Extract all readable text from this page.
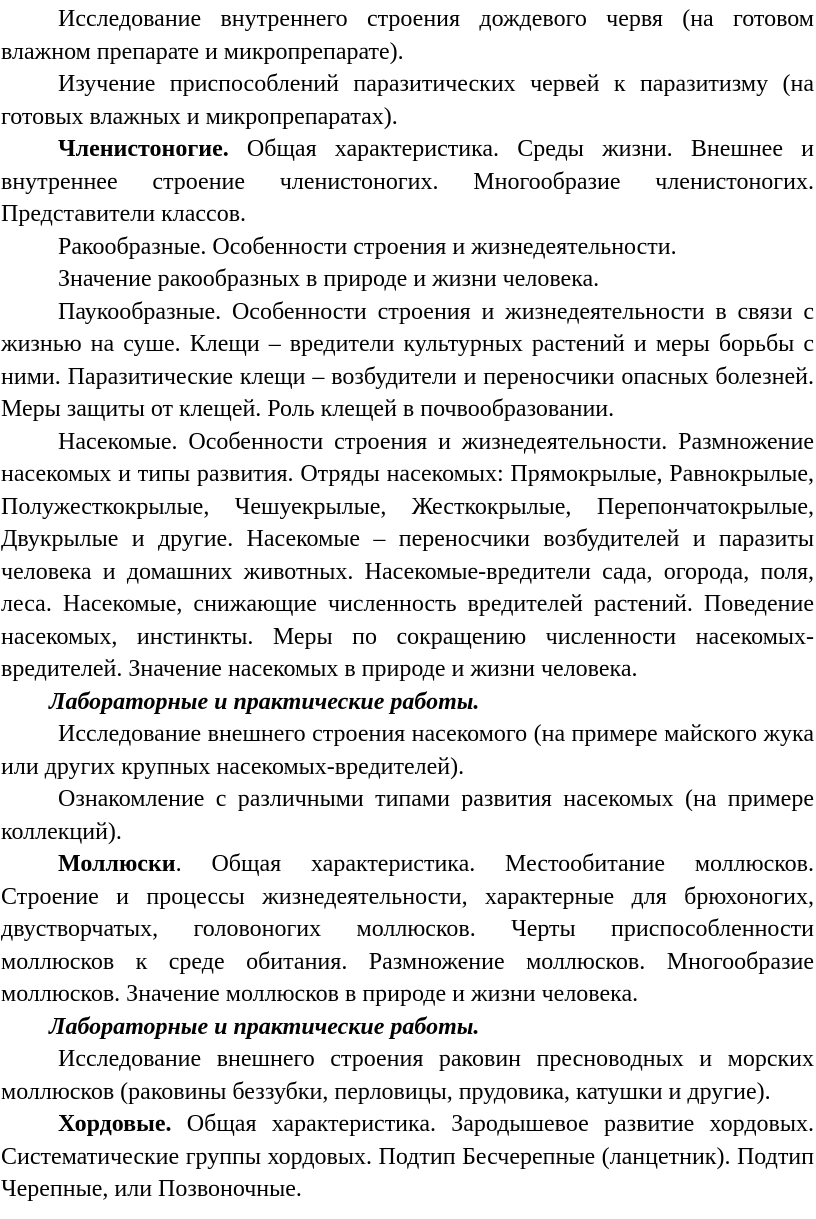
Исследование внутреннего строения дождевого червя (на готовом влажном препарате и микропрепарате).

Изучение приспособлений паразитических червей к паразитизму (на готовых влажных и микропрепаратах).

Членистоногие. Общая характеристика. Среды жизни. Внешнее и внутреннее строение членистоногих. Многообразие членистоногих. Представители классов.

Ракообразные. Особенности строения и жизнедеятельности.

Значение ракообразных в природе и жизни человека.

Паукообразные. Особенности строения и жизнедеятельности в связи с жизнью на суше. Клещи – вредители культурных растений и меры борьбы с ними. Паразитические клещи – возбудители и переносчики опасных болезней. Меры защиты от клещей. Роль клещей в почвообразовании.

Насекомые. Особенности строения и жизнедеятельности. Размножение насекомых и типы развития. Отряды насекомых: Прямокрылые, Равнокрылые, Полужесткокрылые, Чешуекрылые, Жесткокрылые, Перепончатокрылые, Двукрылые и другие. Насекомые – переносчики возбудителей и паразиты человека и домашних животных. Насекомые-вредители сада, огорода, поля, леса. Насекомые, снижающие численность вредителей растений. Поведение насекомых, инстинкты. Меры по сокращению численности насекомых-вредителей. Значение насекомых в природе и жизни человека.

Лабораторные и практические работы.

Исследование внешнего строения насекомого (на примере майского жука или других крупных насекомых-вредителей).

Ознакомление с различными типами развития насекомых (на примере коллекций).

Моллюски. Общая характеристика. Местообитание моллюсков. Строение и процессы жизнедеятельности, характерные для брюхоногих, двустворчатых, головоногих моллюсков. Черты приспособленности моллюсков к среде обитания. Размножение моллюсков. Многообразие моллюсков. Значение моллюсков в природе и жизни человека.

Лабораторные и практические работы.

Исследование внешнего строения раковин пресноводных и морских моллюсков (раковины беззубки, перловицы, прудовика, катушки и другие).

Хордовые. Общая характеристика. Зародышевое развитие хордовых. Систематические группы хордовых. Подтип Бесчерепные (ланцетник). Подтип Черепные, или Позвоночные.
